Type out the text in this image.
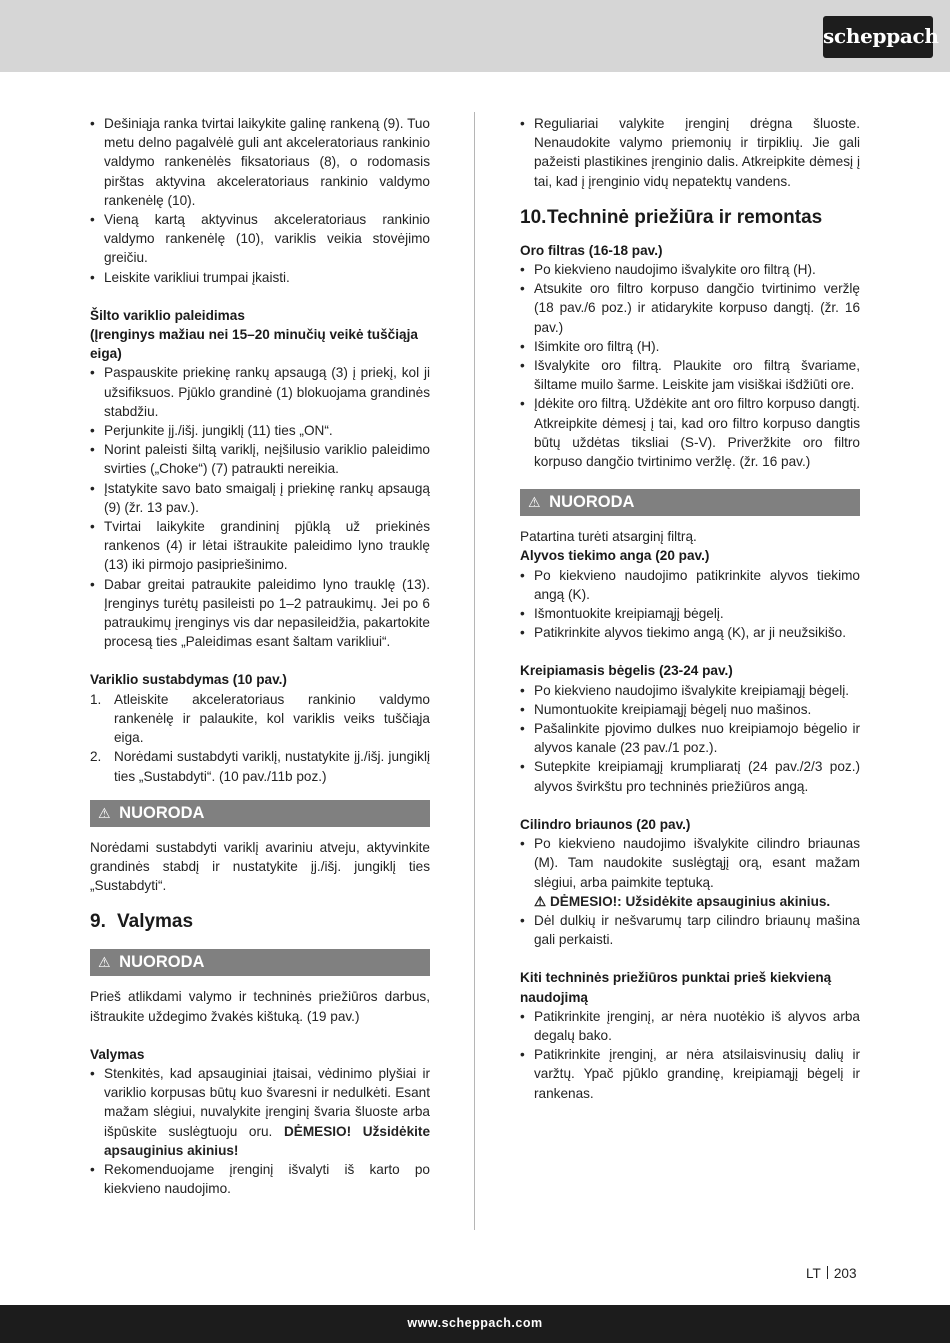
scheppach
• Dešiniąja ranka tvirtai laikykite galinę rankeną (9). Tuo metu delno pagalvėlė guli ant akceleratoriaus rankinio valdymo rankenėlės fiksatoriaus (8), o rodomasis pirštas aktyvina akceleratoriaus rankinio valdymo rankenėlę (10).
• Vieną kartą aktyvinus akceleratoriaus rankinio valdymo rankenėlę (10), variklis veikia stovėjimo greičiu.
• Leiskite varikliui trumpai įkaisti.
Šilto variklio paleidimas
(Įrenginys mažiau nei 15–20 minučių veikė tuščiąja eiga)
• Paspauskite priekinę rankų apsaugą (3) į priekį, kol ji užsifiksuos. Pjūklo grandinė (1) blokuojama grandinės stabdžiu.
• Perjunkite įj./išj. jungiklį (11) ties „ON“.
• Norint paleisti šiltą variklį, neįšilusio variklio paleidimo svirties („Choke“) (7) patraukti nereikia.
• Įstatykite savo bato smaigalį į priekinę rankų apsaugą (9) (žr. 13 pav.).
• Tvirtai laikykite grandininį pjūklą už priekinės rankenos (4) ir lėtai ištraukite paleidimo lyno trauklę (13) iki pirmojo pasipriešinimo.
• Dabar greitai patraukite paleidimo lyno trauklę (13). Įrenginys turėtų pasileisti po 1–2 patraukimų. Jei po 6 patraukimų įrenginys vis dar nepasileidžia, pakartokite procesą ties „Paleidimas esant šaltam varikliui“.
Variklio sustabdymas (10 pav.)
1. Atleiskite akceleratoriaus rankinio valdymo rankenėlę ir palaukite, kol variklis veiks tuščiąja eiga.
2. Norėdami sustabdyti variklį, nustatykite įj./išj. jungiklį ties „Sustabdyti“. (10 pav./11b poz.)
⚠ NUORODA
Norėdami sustabdyti variklį avariniu atveju, aktyvinkite grandinės stabdį ir nustatykite įj./išj. jungiklį ties „Sustabdyti“.
9. Valymas
⚠ NUORODA
Prieš atlikdami valymo ir techninės priežiūros darbus, ištraukite uždegimo žvakės kištuką. (19 pav.)
Valymas
• Stenkitės, kad apsauginiai įtaisai, vėdinimo plyšiai ir variklio korpusas būtų kuo švaresni ir nedulkėti. Esant mažam slėgiui, nuvalykite įrenginį švaria šluoste arba išpūskite suslėgtuoju oru. DĖMESIO! Užsidėkite apsauginius akinius!
• Rekomenduojame įrenginį išvalyti iš karto po kiekvieno naudojimo.
• Reguliariai valykite įrenginį drėgna šluoste. Nenaudokite valymo priemonių ir tirpiklių. Jie gali pažeisti plastikines įrenginio dalis. Atkreipkite dėmesį į tai, kad į įrenginio vidų nepatektų vandens.
10.Techninė priežiūra ir remontas
Oro filtras (16-18 pav.)
• Po kiekvieno naudojimo išvalykite oro filtrą (H).
• Atsukite oro filtro korpuso dangčio tvirtinimo veržlę (18 pav./6 poz.) ir atidarykite korpuso dangtį. (žr. 16 pav.)
• Išimkite oro filtrą (H).
• Išvalykite oro filtrą. Plaukite oro filtrą švariame, šiltame muilo šarme. Leiskite jam visiškai išdžiūti ore.
• Įdėkite oro filtrą. Uždėkite ant oro filtro korpuso dangtį. Atkreipkite dėmesį į tai, kad oro filtro korpuso dangtis būtų uždėtas tiksliai (S-V). Priveržkite oro filtro korpuso dangčio tvirtinimo veržlę. (žr. 16 pav.)
⚠ NUORODA
Patartina turėti atsarginį filtrą.
Alyvos tiekimo anga (20 pav.)
• Po kiekvieno naudojimo patikrinkite alyvos tiekimo angą (K).
• Išmontuokite kreipiamąjį bėgelį.
• Patikrinkite alyvos tiekimo angą (K), ar ji neužsikišo.
Kreipiamasis bėgelis (23-24 pav.)
• Po kiekvieno naudojimo išvalykite kreipiamąjį bėgelį.
• Numontuokite kreipiamąjį bėgelį nuo mašinos.
• Pašalinkite pjovimo dulkes nuo kreipiamojo bėgelio ir alyvos kanale (23 pav./1 poz.).
• Sutepkite kreipiamąjį krumpliaratį (24 pav./2/3 poz.) alyvos švirkštu pro techninės priežiūros angą.
Cilindro briaunos (20 pav.)
• Po kiekvieno naudojimo išvalykite cilindro briaunas (M). Tam naudokite suslėgtąjį orą, esant mažam slėgiui, arba paimkite teptuką.
⚠ DĖMESIO!: Užsidėkite apsauginius akinius.
• Dėl dulkių ir nešvarumų tarp cilindro briaunų mašina gali perkaisti.
Kiti techninės priežiūros punktai prieš kiekvieną naudojimą
• Patikrinkite įrenginį, ar nėra nuotėkio iš alyvos arba degalų bako.
• Patikrinkite įrenginį, ar nėra atsilaisvinusių dalių ir varžtų. Ypač pjūklo grandinę, kreipiamąjį bėgelį ir rankenas.
LT 203
www.scheppach.com
